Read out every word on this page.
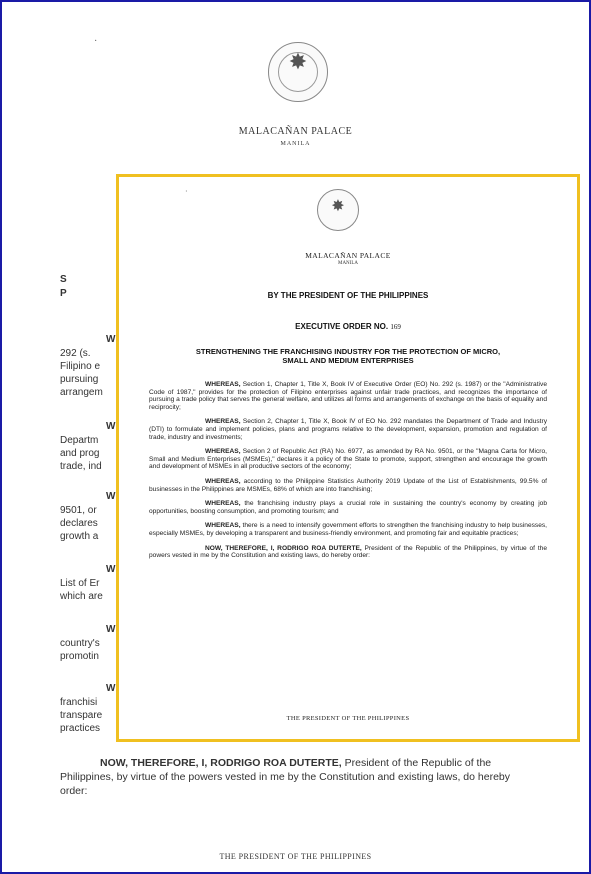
·
✸
MALACAÑAN PALACE
MANILA
S
P
W
292 (s.
Filipino e
pursuing
arrangem
W
Departm
and prog
trade, ind
W
9501, or
declares
growth a
W
List of Er
which are
W
country's
promotin
W
franchisi
transpare
practices
NOW, THEREFORE, I, RODRIGO ROA DUTERTE, President of the Republic of the Philippines, by virtue of the powers vested in me by the Constitution and existing laws, do hereby order:
THE PRESIDENT OF THE PHILIPPINES
·
✸
MALACAÑAN PALACE
MANILA
BY THE PRESIDENT OF THE PHILIPPINES
EXECUTIVE ORDER NO. 169
STRENGTHENING THE FRANCHISING INDUSTRY FOR THE PROTECTION OF MICRO, SMALL AND MEDIUM ENTERPRISES

WHEREAS, Section 1, Chapter 1, Title X, Book IV of Executive Order (EO) No. 292 (s. 1987) or the "Administrative Code of 1987," provides for the protection of Filipino enterprises against unfair trade practices, and recognizes the importance of pursuing a trade policy that serves the general welfare, and utilizes all forms and arrangements of exchange on the basis of equality and reciprocity;

WHEREAS, Section 2, Chapter 1, Title X, Book IV of EO No. 292 mandates the Department of Trade and Industry (DTI) to formulate and implement policies, plans and programs relative to the development, expansion, promotion and regulation of trade, industry and investments;

WHEREAS, Section 2 of Republic Act (RA) No. 6977, as amended by RA No. 9501, or the "Magna Carta for Micro, Small and Medium Enterprises (MSMEs)," declares it a policy of the State to promote, support, strengthen and encourage the growth and development of MSMEs in all productive sectors of the economy;

WHEREAS, according to the Philippine Statistics Authority 2019 Update of the List of Establishments, 99.5% of businesses in the Philippines are MSMEs, 68% of which are into franchising;

WHEREAS, the franchising industry plays a crucial role in sustaining the country's economy by creating job opportunities, boosting consumption, and promoting tourism; and

WHEREAS, there is a need to intensify government efforts to strengthen the franchising industry to help businesses, especially MSMEs, by developing a transparent and business-friendly environment, and promoting fair and equitable practices;

NOW, THEREFORE, I, RODRIGO ROA DUTERTE, President of the Republic of the Philippines, by virtue of the powers vested in me by the Constitution and existing laws, do hereby order:

THE PRESIDENT OF THE PHILIPPINES
